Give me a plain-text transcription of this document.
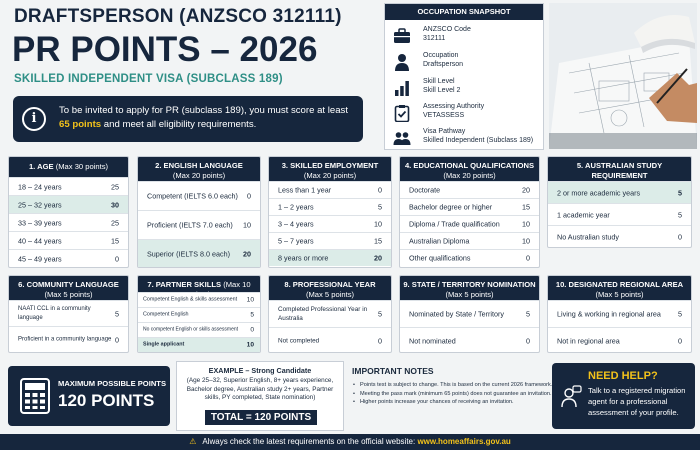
DRAFTSPERSON (ANZSCO 312111)
PR POINTS – 2026
SKILLED INDEPENDENT VISA (SUBCLASS 189)
i
To be invited to apply for PR (subclass 189), you must score at least 65 points and meet all eligibility requirements.
OCCUPATION SNAPSHOT
ANZSCO Code
312111
Occupation
Draftsperson
Skill Level
Skill Level 2
Assessing Authority
VETASSESS
Visa Pathway
Skilled Independent (Subclass 189)
1. AGE (Max 30 points)
18 – 24 years	25
25 – 32 years	30
33 – 39 years	25
40 – 44 years	15
45 – 49 years	0
2. ENGLISH LANGUAGE
(Max 20 points)
Competent (IELTS 6.0 each)	0
Proficient (IELTS 7.0 each)	10
Superior (IELTS 8.0 each)	20
3. SKILLED EMPLOYMENT
(Max 20 points)
Less than 1 year	0
1 – 2 years	5
3 – 4 years	10
5 – 7 years	15
8 years or more	20
4. EDUCATIONAL QUALIFICATIONS
(Max 20 points)
Doctorate	20
Bachelor degree or higher	15
Diploma / Trade qualification	10
Australian Diploma	10
Other qualifications	0
5. AUSTRALIAN STUDY REQUIREMENT
2 or more academic years	5
1 academic year	5
No Australian study	0
6. COMMUNITY LANGUAGE
(Max 5 points)
NAATI CCL in a community language	5
Proficient in a community language 0
7. PARTNER SKILLS (Max 10 points)
Competent English & skills assessment	10
Competent English	5
No competent English or skills assessment	0
Single applicant	10
8. PROFESSIONAL YEAR
(Max 5 points)
Completed Professional Year in Australia	5
Not completed	0
9. STATE / TERRITORY NOMINATION
(Max 5 points)
Nominated by State / Territory	5
Not nominated	0
10. DESIGNATED REGIONAL AREA
(Max 5 points)
Living & working in regional area	5
Not in regional area	0
MAXIMUM POSSIBLE POINTS
120 POINTS
EXAMPLE – Strong Candidate
(Age 25–32, Superior English, 8+ years experience, Bachelor degree, Australian study 2+ years, Partner skills, PY completed, State nomination)
TOTAL = 120 POINTS
IMPORTANT NOTES
• Points test is subject to change. This is based on the current 2026 framework.
• Meeting the pass mark (minimum 65 points) does not guarantee an invitation.
• Higher points increase your chances of receiving an invitation.
NEED HELP?
Talk to a registered migration agent for a professional assessment of your profile.
⚠ Always check the latest requirements on the official website: www.homeaffairs.gov.au
